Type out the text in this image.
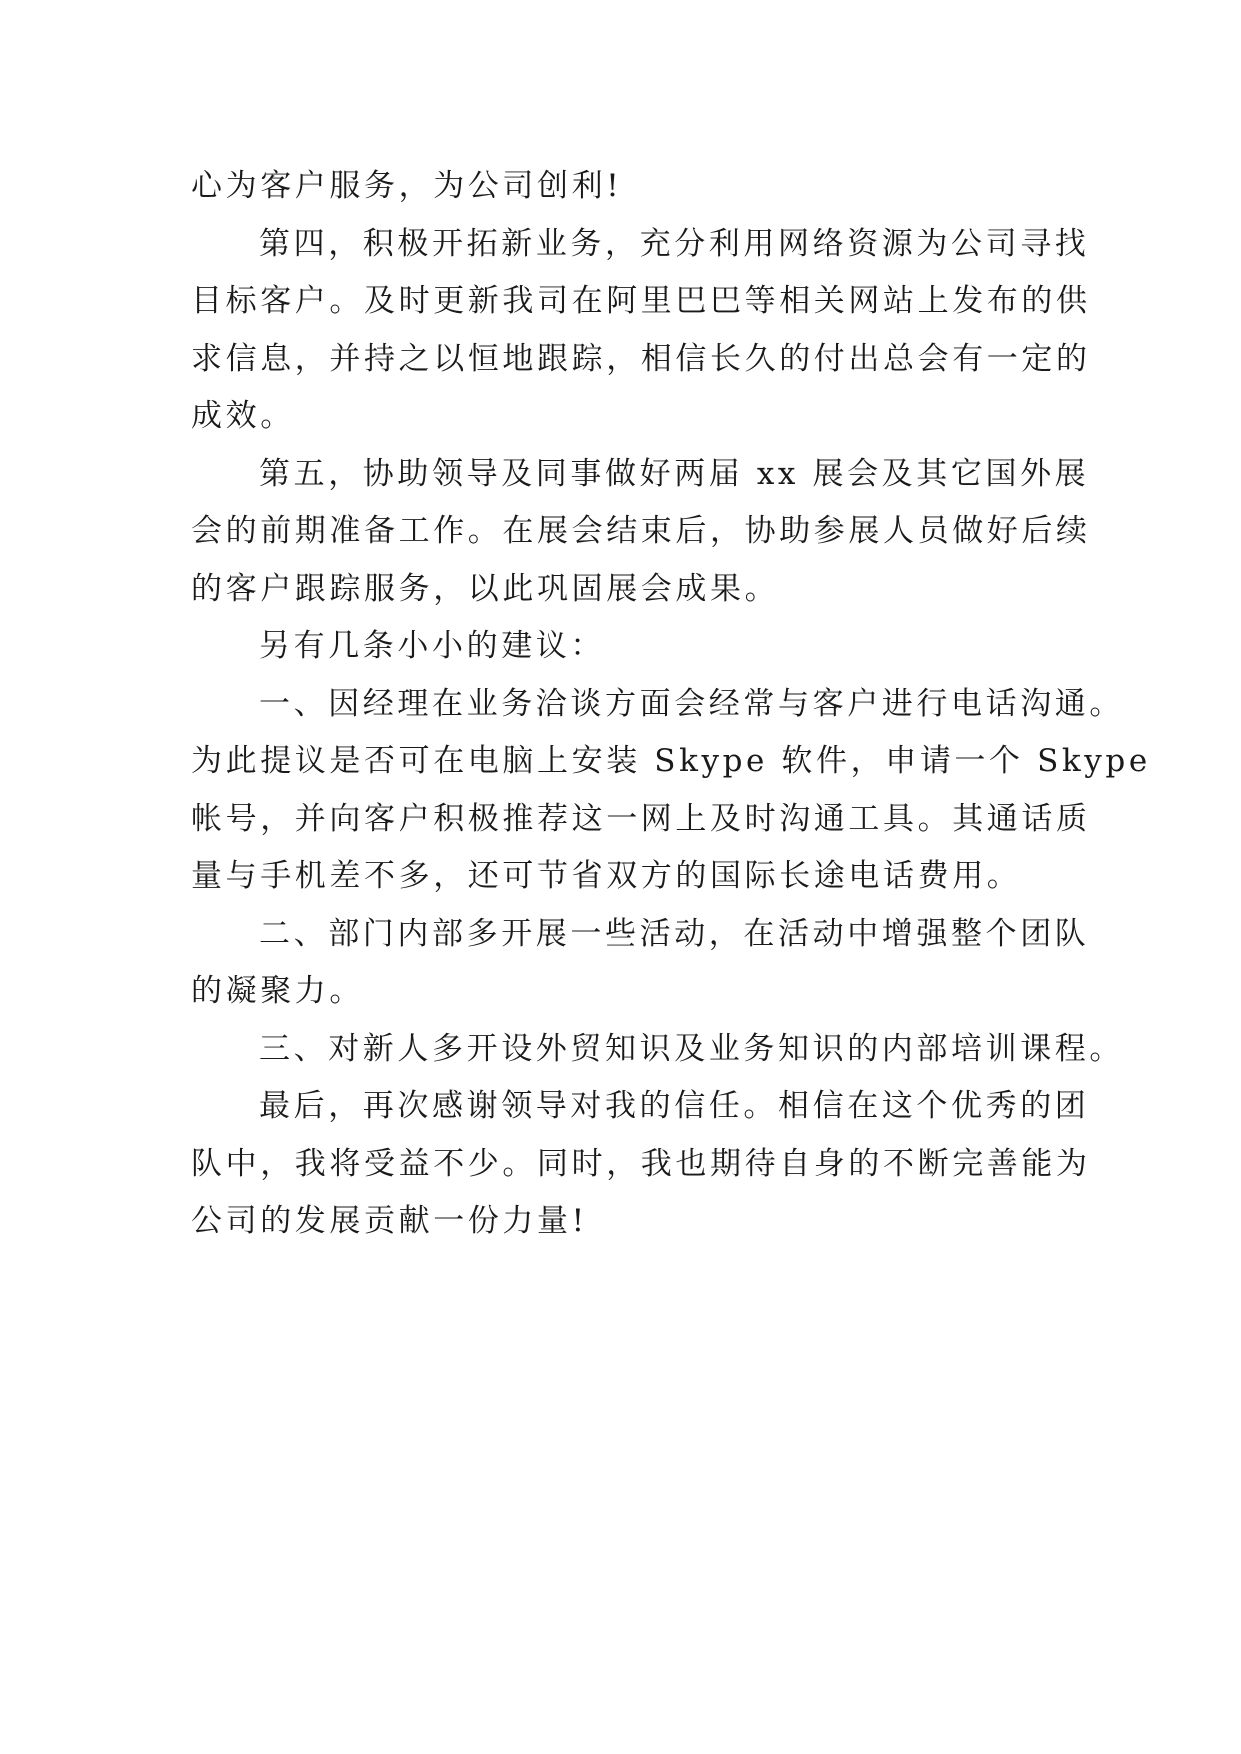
心为客户服务，为公司创利!
第四，积极开拓新业务，充分利用网络资源为公司寻找
目标客户。及时更新我司在阿里巴巴等相关网站上发布的供
求信息，并持之以恒地跟踪，相信长久的付出总会有一定的
成效。
第五，协助领导及同事做好两届 xx 展会及其它国外展
会的前期准备工作。在展会结束后，协助参展人员做好后续
的客户跟踪服务，以此巩固展会成果。
另有几条小小的建议：
一、因经理在业务洽谈方面会经常与客户进行电话沟通。
为此提议是否可在电脑上安装 Skype 软件，申请一个 Skype
帐号，并向客户积极推荐这一网上及时沟通工具。其通话质
量与手机差不多，还可节省双方的国际长途电话费用。
二、部门内部多开展一些活动，在活动中增强整个团队
的凝聚力。
三、对新人多开设外贸知识及业务知识的内部培训课程。
最后，再次感谢领导对我的信任。相信在这个优秀的团
队中，我将受益不少。同时，我也期待自身的不断完善能为
公司的发展贡献一份力量!
